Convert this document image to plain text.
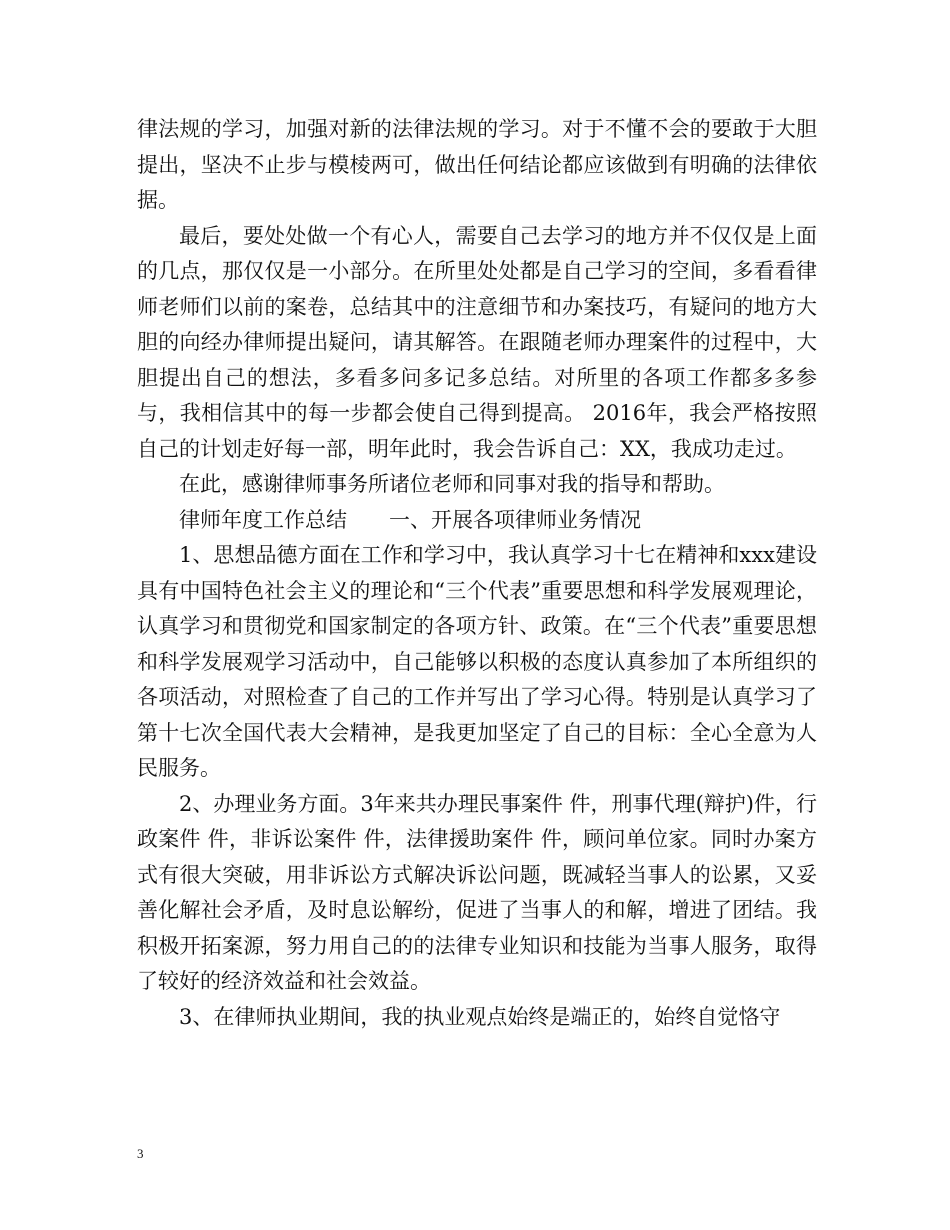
律法规的学习，加强对新的法律法规的学习。对于不懂不会的要敢于大胆提出，坚决不止步与模棱两可，做出任何结论都应该做到有明确的法律依据。

最后，要处处做一个有心人，需要自己去学习的地方并不仅仅是上面的几点，那仅仅是一小部分。在所里处处都是自己学习的空间，多看看律师老师们以前的案卷，总结其中的注意细节和办案技巧，有疑问的地方大胆的向经办律师提出疑问，请其解答。在跟随老师办理案件的过程中，大胆提出自己的想法，多看多问多记多总结。对所里的各项工作都多多参与，我相信其中的每一步都会使自己得到提高。 2016年，我会严格按照自己的计划走好每一部，明年此时，我会告诉自己：XX，我成功走过。

在此，感谢律师事务所诸位老师和同事对我的指导和帮助。

律师年度工作总结　　一、开展各项律师业务情况

1、思想品德方面在工作和学习中，我认真学习十七在精神和xxx建设具有中国特色社会主义的理论和“三个代表”重要思想和科学发展观理论，认真学习和贯彻党和国家制定的各项方针、政策。在“三个代表”重要思想和科学发展观学习活动中，自己能够以积极的态度认真参加了本所组织的各项活动，对照检查了自己的工作并写出了学习心得。特别是认真学习了第十七次全国代表大会精神，是我更加坚定了自己的目标：全心全意为人民服务。

2、办理业务方面。3年来共办理民事案件 件，刑事代理(辩护)件，行政案件 件，非诉讼案件 件，法律援助案件 件，顾问单位家。同时办案方式有很大突破，用非诉讼方式解决诉讼问题，既减轻当事人的讼累，又妥善化解社会矛盾，及时息讼解纷，促进了当事人的和解，增进了团结。我积极开拓案源，努力用自己的的法律专业知识和技能为当事人服务，取得了较好的经济效益和社会效益。

3、在律师执业期间，我的执业观点始终是端正的，始终自觉恪守

3
